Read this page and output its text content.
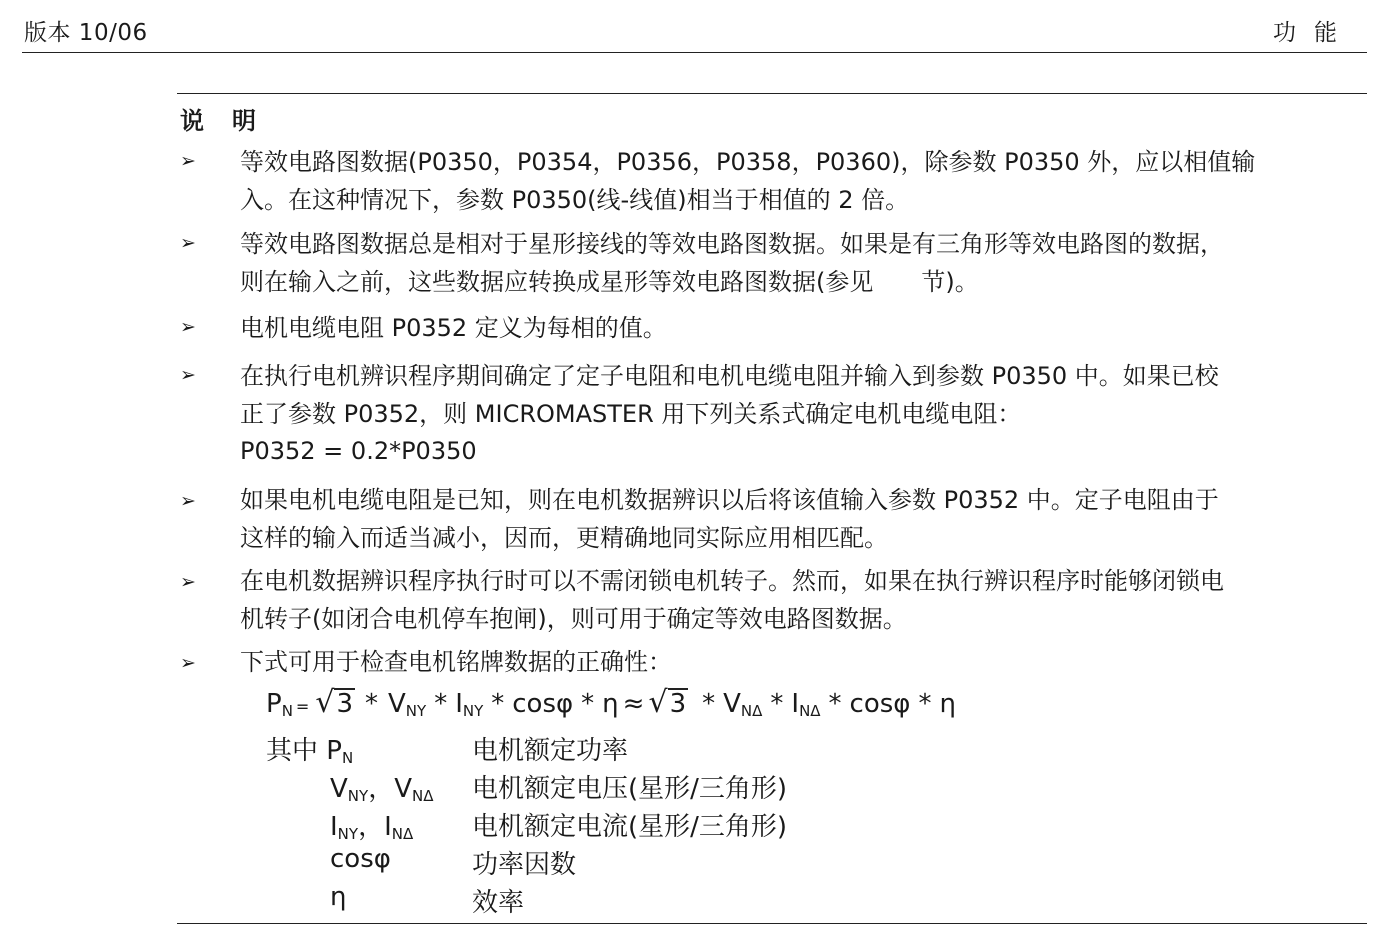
版本 10/06	功能
说明
➢ 等效电路图数据(P0350，P0354，P0356，P0358，P0360)，除参数 P0350 外，应以相值输
入。在这种情况下，参数 P0350(线-线值)相当于相值的 2 倍。
➢ 等效电路图数据总是相对于星形接线的等效电路图数据。如果是有三角形等效电路图的数据，
则在输入之前，这些数据应转换成星形等效电路图数据(参见　　节)。
➢ 电机电缆电阻 P0352 定义为每相的值。
➢ 在执行电机辨识程序期间确定了定子电阻和电机电缆电阻并输入到参数 P0350 中。如果已校
正了参数 P0352，则 MICROMASTER 用下列关系式确定电机电缆电阻：
P0352 = 0.2*P0350
➢ 如果电机电缆电阻是已知，则在电机数据辨识以后将该值输入参数 P0352 中。定子电阻由于
这样的输入而适当减小，因而，更精确地同实际应用相匹配。
➢ 在电机数据辨识程序执行时可以不需闭锁电机转子。然而，如果在执行辨识程序时能够闭锁电
机转子(如闭合电机停车抱闸)，则可用于确定等效电路图数据。
➢ 下式可用于检查电机铭牌数据的正确性：
$P_N$ = √ $3 * V_{NY} * I_{NY}$ * cosφ * η ≈ √ $3 * V_{N\Delta} * I_{N\Delta}$ * cosφ * η
其中 $P_N$	电机额定功率
$V_{NY}$，$V_{N\Delta}$ 电机额定电压(星形/三角形)
$I_{NY}$，$I_{N\Delta}$ 电机额定电流(星形/三角形)
cosφ	功率因数
η	效率
